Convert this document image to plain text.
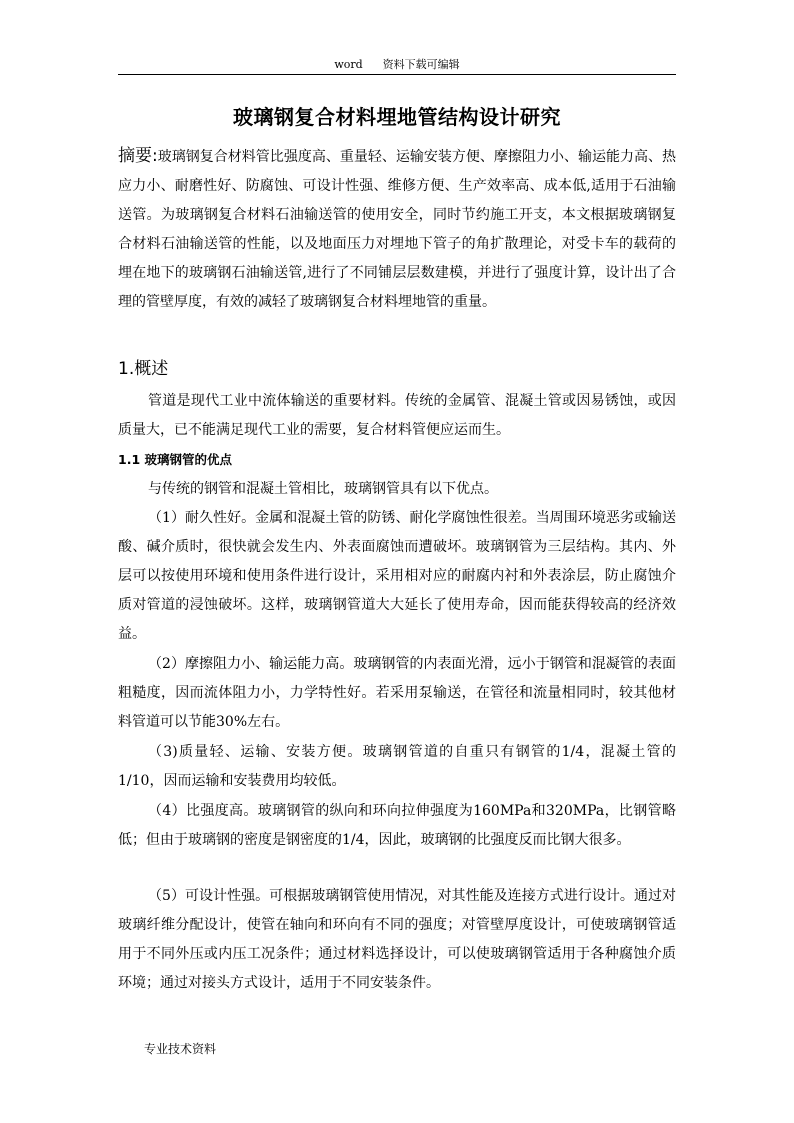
word 资料下载可编辑
玻璃钢复合材料埋地管结构设计研究
摘要:玻璃钢复合材料管比强度高、重量轻、运输安装方便、摩擦阻力小、输运能力高、热应力小、耐磨性好、防腐蚀、可设计性强、维修方便、生产效率高、成本低,适用于石油输送管。为玻璃钢复合材料石油输送管的使用安全，同时节约施工开支，本文根据玻璃钢复合材料石油输送管的性能，以及地面压力对埋地下管子的角扩散理论，对受卡车的载荷的埋在地下的玻璃钢石油输送管,进行了不同铺层层数建模，并进行了强度计算，设计出了合理的管壁厚度，有效的减轻了玻璃钢复合材料埋地管的重量。
1.概述
管道是现代工业中流体输送的重要材料。传统的金属管、混凝土管或因易锈蚀，或因质量大，已不能满足现代工业的需要，复合材料管便应运而生。
1.1 玻璃钢管的优点
与传统的钢管和混凝土管相比，玻璃钢管具有以下优点。
（1）耐久性好。金属和混凝土管的防锈、耐化学腐蚀性很差。当周围环境恶劣或输送酸、碱介质时，很快就会发生内、外表面腐蚀而遭破坏。玻璃钢管为三层结构。其内、外层可以按使用环境和使用条件进行设计，采用相对应的耐腐内衬和外表涂层，防止腐蚀介质对管道的浸蚀破坏。这样，玻璃钢管道大大延长了使用寿命，因而能获得较高的经济效益。
（2）摩擦阻力小、输运能力高。玻璃钢管的内表面光滑，远小于钢管和混凝管的表面粗糙度，因而流体阻力小，力学特性好。若采用泵输送，在管径和流量相同时，较其他材料管道可以节能30%左右。
（3)质量轻、运输、安装方便。玻璃钢管道的自重只有钢管的1/4，混凝土管的1/10，因而运输和安装费用均较低。
（4）比强度高。玻璃钢管的纵向和环向拉伸强度为160MPa和320MPa，比钢管略低；但由于玻璃钢的密度是钢密度的1/4，因此，玻璃钢的比强度反而比钢大很多。
（5）可设计性强。可根据玻璃钢管使用情况，对其性能及连接方式进行设计。通过对玻璃纤维分配设计，使管在轴向和环向有不同的强度；对管壁厚度设计，可使玻璃钢管适用于不同外压或内压工况条件；通过材料选择设计，可以使玻璃钢管适用于各种腐蚀介质环境；通过对接头方式设计，适用于不同安装条件。
专业技术资料
